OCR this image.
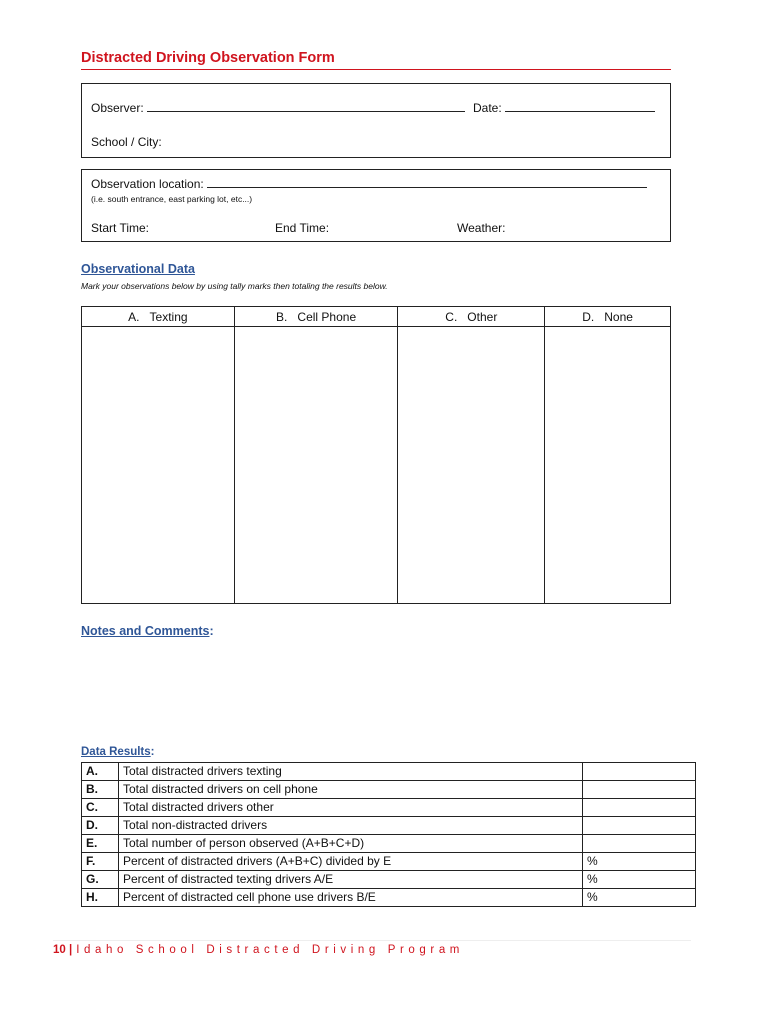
Distracted Driving Observation Form
Observer:	Date:
School / City:
Observation location:
(i.e. south entrance, east parking lot, etc...)
Start Time:	End Time:	Weather:
Observational Data
Mark your observations below by using tally marks then totaling the results below.
A. Texting	B. Cell Phone	C. Other	D. None

Notes and Comments:
Data Results:
A.	Total distracted drivers texting	
B.	Total distracted drivers on cell phone	
C.	Total distracted drivers other	
D.	Total non-distracted drivers	
E.	Total number of person observed (A+B+C+D)	
F.	Percent of distracted drivers (A+B+C) divided by E	%
G.	Percent of distracted texting drivers A/E	%
H.	Percent of distracted cell phone use drivers B/E	%
10 | Idaho School Distracted Driving Program
